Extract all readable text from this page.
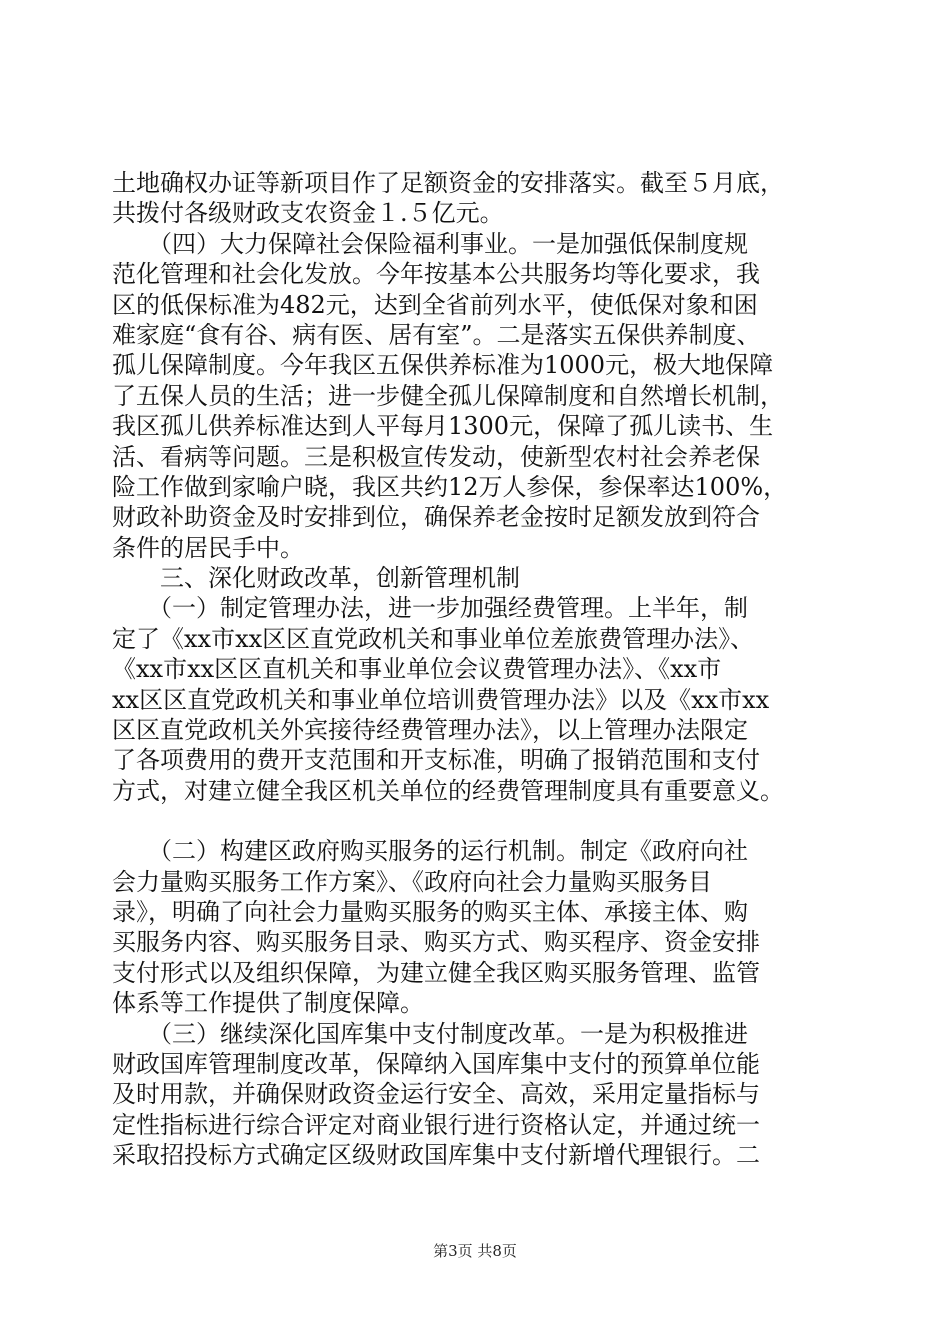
土地确权办证等新项目作了足额资金的安排落实。截至５月底，
共拨付各级财政支农资金１.５亿元。
　　（四）大力保障社会保险福利事业。一是加强低保制度规
范化管理和社会化发放。今年按基本公共服务均等化要求，我
区的低保标准为482元，达到全省前列水平，使低保对象和困
难家庭“食有谷、病有医、居有室”。二是落实五保供养制度、
孤儿保障制度。今年我区五保供养标准为1000元，极大地保障
了五保人员的生活；进一步健全孤儿保障制度和自然增长机制，
我区孤儿供养标准达到人平每月1300元，保障了孤儿读书、生
活、看病等问题。三是积极宣传发动，使新型农村社会养老保
险工作做到家喻户晓，我区共约12万人参保，参保率达100%，
财政补助资金及时安排到位，确保养老金按时足额发放到符合
条件的居民手中。
　　三、深化财政改革，创新管理机制
　　（一）制定管理办法，进一步加强经费管理。上半年，制
定了《xx市xx区区直党政机关和事业单位差旅费管理办法》、
《xx市xx区区直机关和事业单位会议费管理办法》、《xx市
xx区区直党政机关和事业单位培训费管理办法》以及《xx市xx
区区直党政机关外宾接待经费管理办法》，以上管理办法限定
了各项费用的费开支范围和开支标准，明确了报销范围和支付
方式，对建立健全我区机关单位的经费管理制度具有重要意义。
　　（二）构建区政府购买服务的运行机制。制定《政府向社
会力量购买服务工作方案》、《政府向社会力量购买服务目
录》，明确了向社会力量购买服务的购买主体、承接主体、购
买服务内容、购买服务目录、购买方式、购买程序、资金安排
支付形式以及组织保障，为建立健全我区购买服务管理、监管
体系等工作提供了制度保障。
　　（三）继续深化国库集中支付制度改革。一是为积极推进
财政国库管理制度改革，保障纳入国库集中支付的预算单位能
及时用款，并确保财政资金运行安全、高效，采用定量指标与
定性指标进行综合评定对商业银行进行资格认定，并通过统一
采取招投标方式确定区级财政国库集中支付新增代理银行。二
第3页 共8页
